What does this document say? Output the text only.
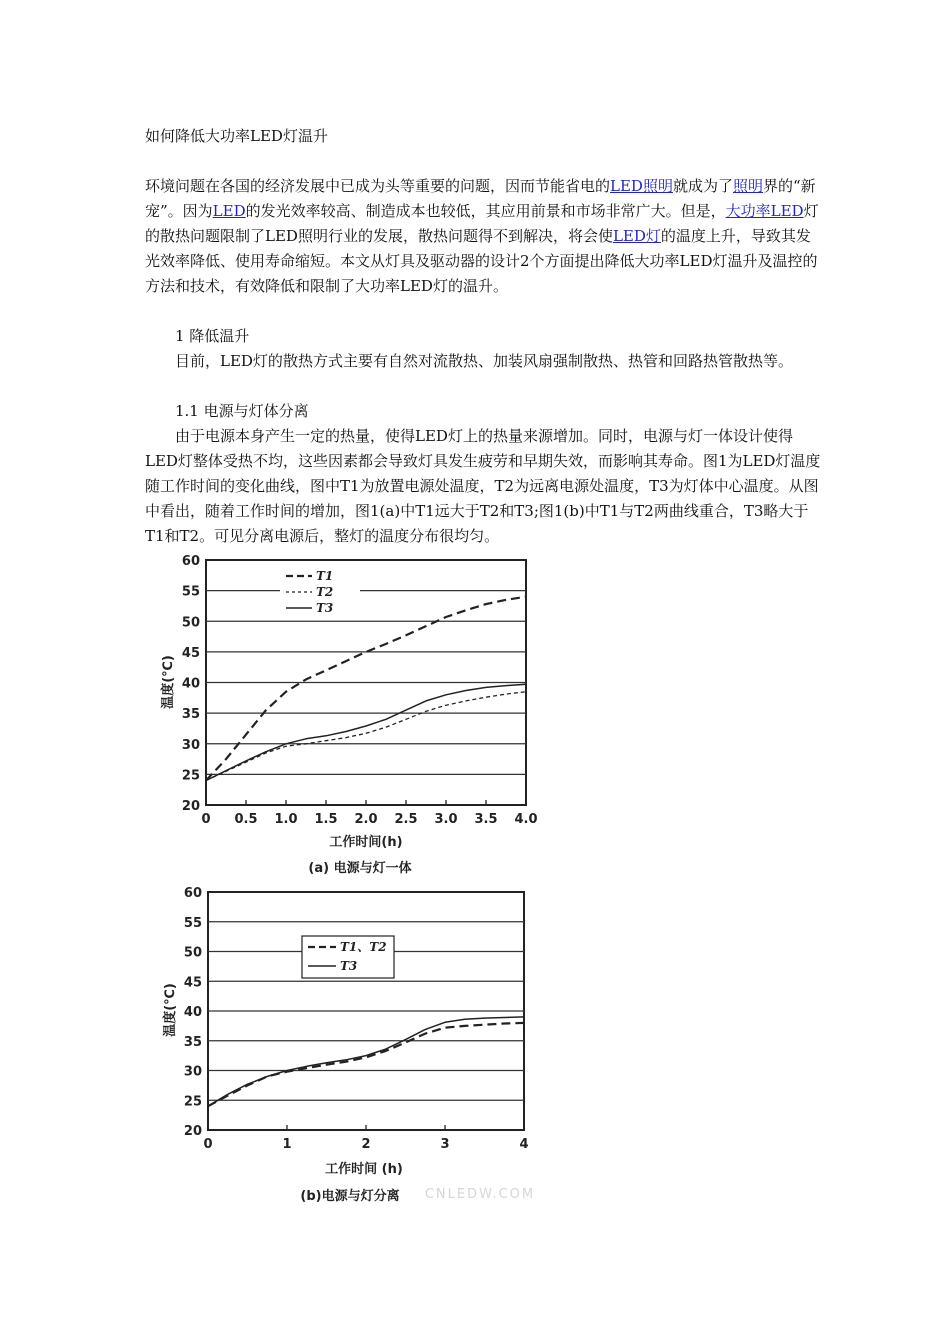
如何降低大功率LED灯温升
环境问题在各国的经济发展中已成为头等重要的问题，因而节能省电的LED照明就成为了照明界的“新宠”。因为LED的发光效率较高、制造成本也较低，其应用前景和市场非常广大。但是，大功率LED灯的散热问题限制了LED照明行业的发展，散热问题得不到解决，将会使LED灯的温度上升，导致其发光效率降低、使用寿命缩短。本文从灯具及驱动器的设计2个方面提出降低大功率LED灯温升及温控的方法和技术，有效降低和限制了大功率LED灯的温升。
1 降低温升
目前，LED灯的散热方式主要有自然对流散热、加装风扇强制散热、热管和回路热管散热等。
1.1 电源与灯体分离
由于电源本身产生一定的热量，使得LED灯上的热量来源增加。同时，电源与灯一体设计使得LED灯整体受热不均，这些因素都会导致灯具发生疲劳和早期失效，而影响其寿命。图1为LED灯温度随工作时间的变化曲线，图中T1为放置电源处温度，T2为远离电源处温度，T3为灯体中心温度。从图中看出，随着工作时间的增加，图1(a)中T1远大于T2和T3;图1(b)中T1与T2两曲线重合，T3略大于T1和T2。可见分离电源后，整灯的温度分布很均匀。
20
25
30
35
40
45
50
55
60
0 0.5 1.0 1.5 2.0 2.5 3.0 3.5 4.0
T1
T2
T3
温度(℃)
工作时间(h)
(a) 电源与灯一体
20
25
30
35
40
45
50
55
60
0	1	2	3	4
T1、T2
T3
温度(℃)
工作时间 (h)
(b)电源与灯分离 CNLEDW.COM
